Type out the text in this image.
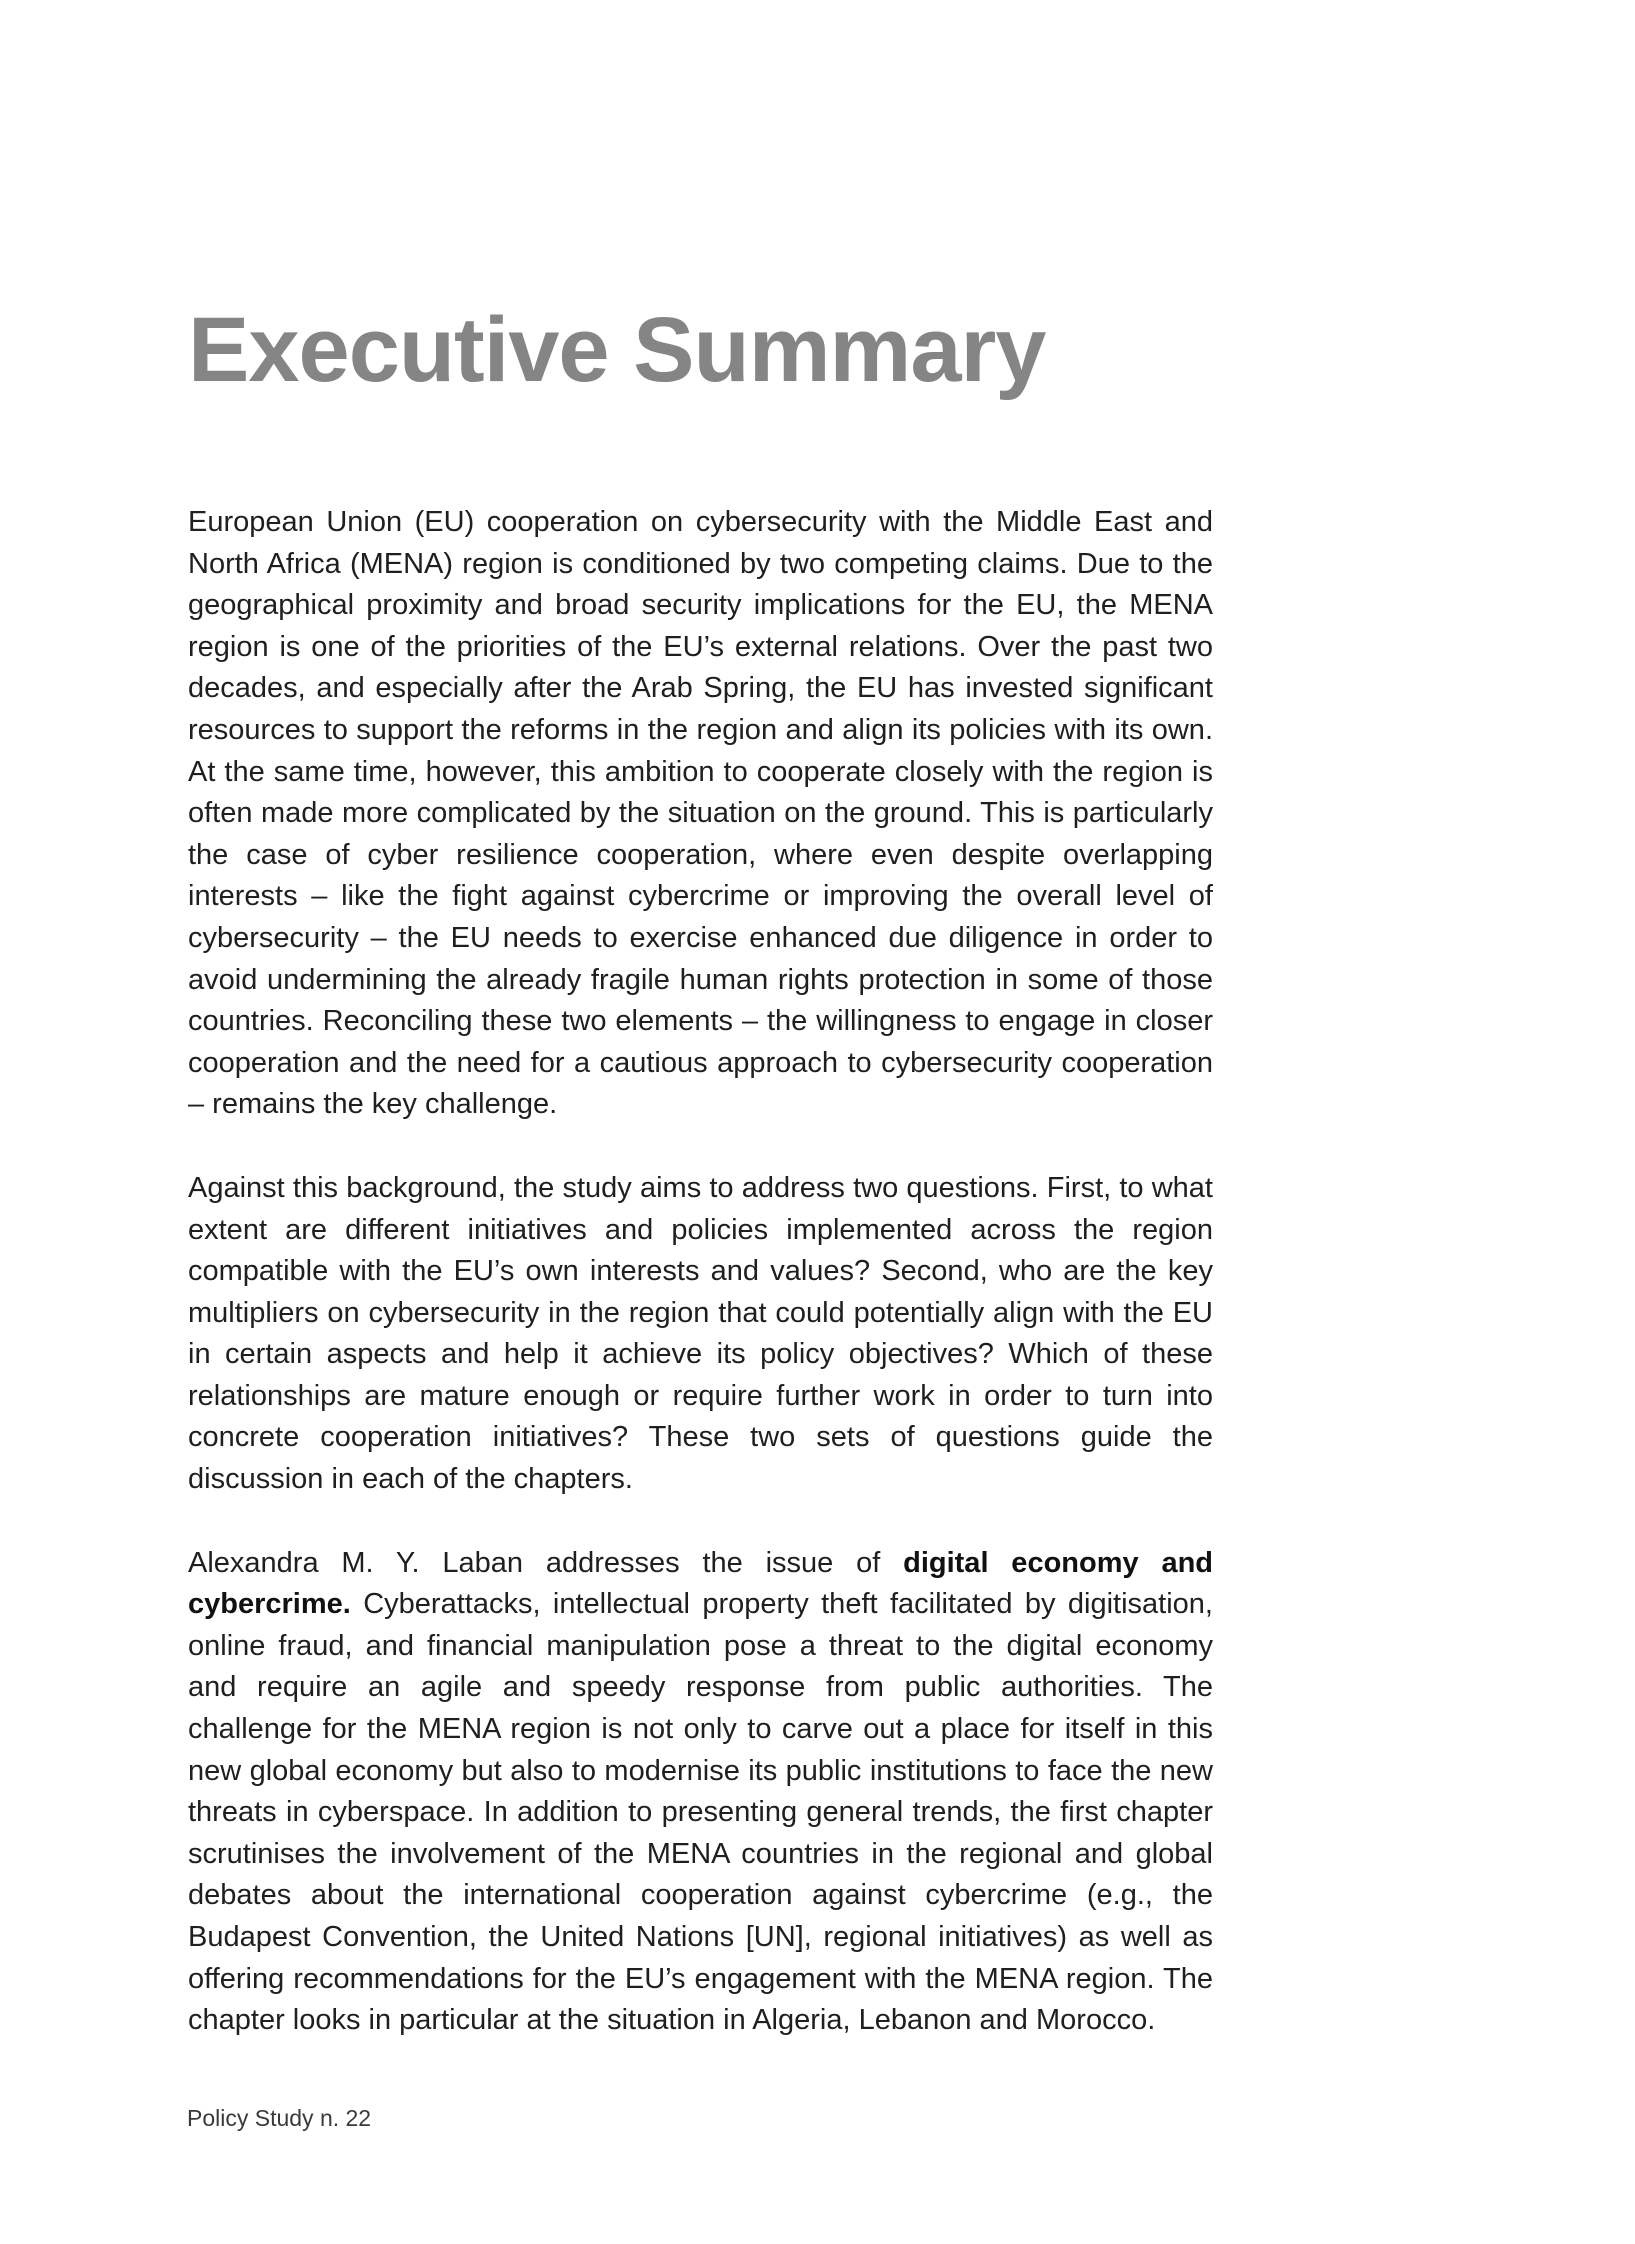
Executive Summary

European Union (EU) cooperation on cybersecurity with the Middle East and North Africa (MENA) region is conditioned by two competing claims. Due to the geographical proximity and broad security implications for the EU, the MENA region is one of the priorities of the EU’s external relations. Over the past two decades, and especially after the Arab Spring, the EU has invested significant resources to support the reforms in the region and align its policies with its own. At the same time, however, this ambition to cooperate closely with the region is often made more complicated by the situation on the ground. This is particularly the case of cyber resilience cooperation, where even despite overlapping interests – like the fight against cybercrime or improving the overall level of cybersecurity – the EU needs to exercise enhanced due diligence in order to avoid undermining the already fragile human rights protection in some of those countries. Reconciling these two elements – the willingness to engage in closer cooperation and the need for a cautious approach to cybersecurity cooperation – remains the key challenge.

Against this background, the study aims to address two questions. First, to what extent are different initiatives and policies implemented across the region compatible with the EU’s own interests and values? Second, who are the key multipliers on cybersecurity in the region that could potentially align with the EU in certain aspects and help it achieve its policy objectives? Which of these relationships are mature enough or require further work in order to turn into concrete cooperation initiatives? These two sets of questions guide the discussion in each of the chapters.

Alexandra M. Y. Laban addresses the issue of digital economy and cybercrime. Cyberattacks, intellectual property theft facilitated by digitisation, online fraud, and financial manipulation pose a threat to the digital economy and require an agile and speedy response from public authorities. The challenge for the MENA region is not only to carve out a place for itself in this new global economy but also to modernise its public institutions to face the new threats in cyberspace. In addition to presenting general trends, the first chapter scrutinises the involvement of the MENA countries in the regional and global debates about the international cooperation against cybercrime (e.g., the Budapest Convention, the United Nations [UN], regional initiatives) as well as offering recommendations for the EU’s engagement with the MENA region. The chapter looks in particular at the situation in Algeria, Lebanon and Morocco.

Policy Study n. 22
